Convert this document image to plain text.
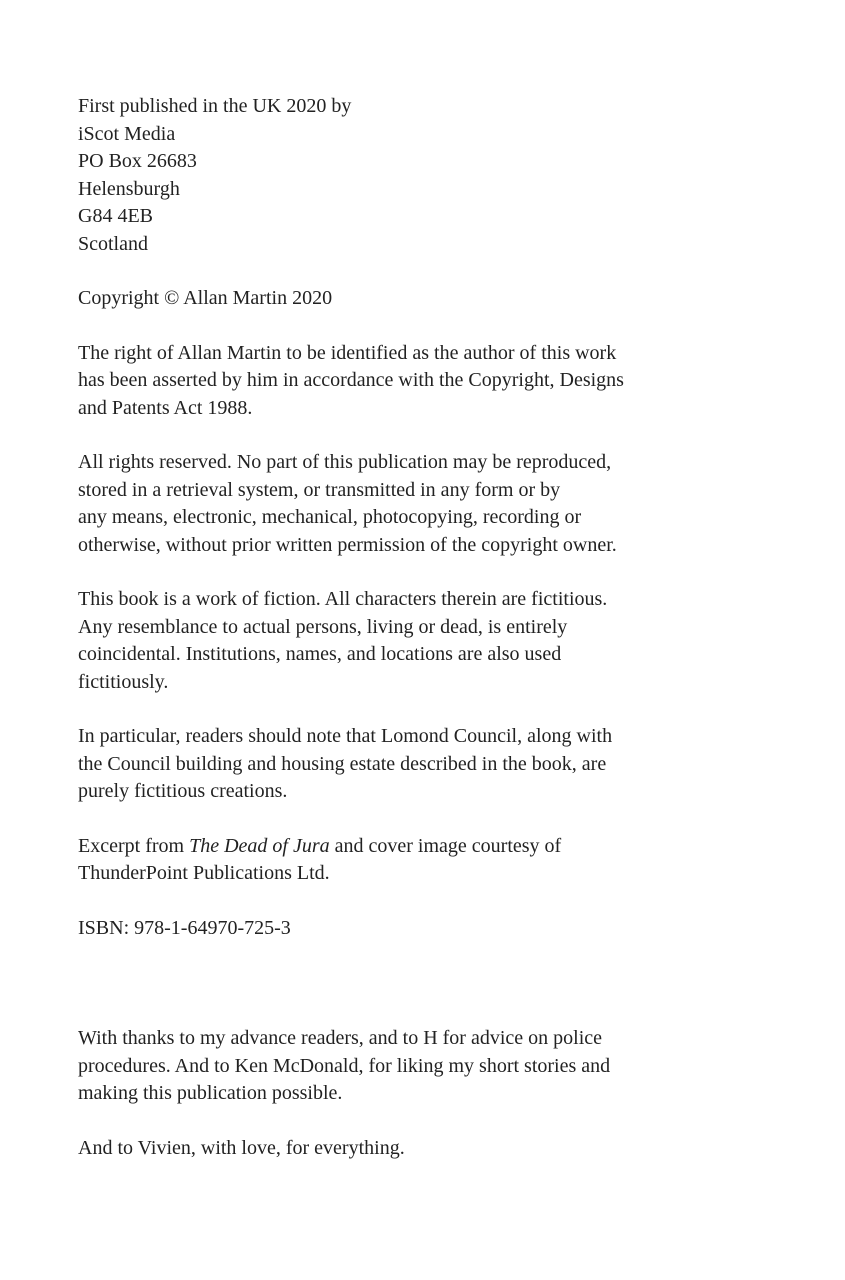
First published in the UK 2020 by
iScot Media
PO Box 26683
Helensburgh
G84 4EB
Scotland
Copyright © Allan Martin 2020
The right of Allan Martin to be identified as the author of this work
has been asserted by him in accordance with the Copyright, Designs
and Patents Act 1988.
All rights reserved. No part of this publication may be reproduced,
stored in a retrieval system, or transmitted in any form or by
any means, electronic, mechanical, photocopying, recording or
otherwise, without prior written permission of the copyright owner.
This book is a work of fiction. All characters therein are fictitious.
Any resemblance to actual persons, living or dead, is entirely
coincidental. Institutions, names, and locations are also used
fictitiously.
In particular, readers should note that Lomond Council, along with
the Council building and housing estate described in the book, are
purely fictitious creations.
Excerpt from The Dead of Jura and cover image courtesy of
ThunderPoint Publications Ltd.
ISBN: 978-1-64970-725-3
With thanks to my advance readers, and to H for advice on police
procedures. And to Ken McDonald, for liking my short stories and
making this publication possible.
And to Vivien, with love, for everything.
